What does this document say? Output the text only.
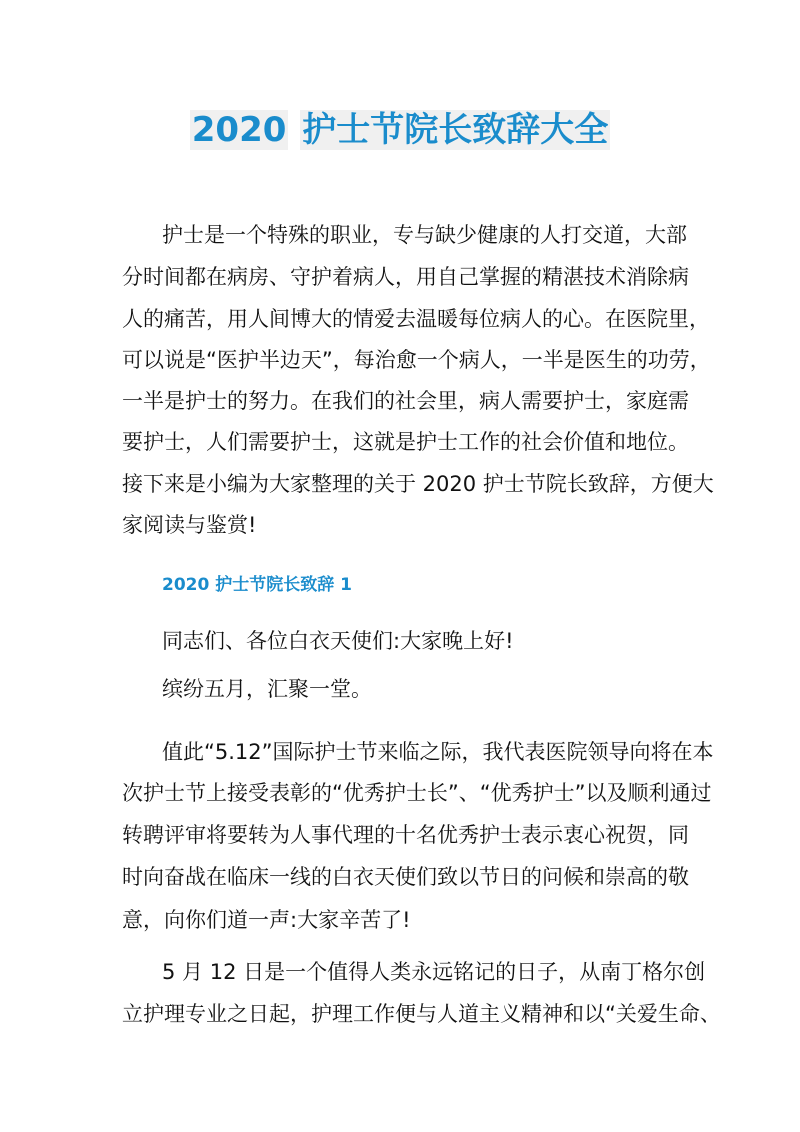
2020 护士节院长致辞大全
护士是一个特殊的职业，专与缺少健康的人打交道，大部
分时间都在病房、守护着病人，用自己掌握的精湛技术消除病
人的痛苦，用人间博大的情爱去温暖每位病人的心。在医院里，
可以说是“医护半边天”，每治愈一个病人，一半是医生的功劳，
一半是护士的努力。在我们的社会里，病人需要护士，家庭需
要护士，人们需要护士，这就是护士工作的社会价值和地位。
接下来是小编为大家整理的关于 2020 护士节院长致辞，方便大
家阅读与鉴赏!
2020 护士节院长致辞 1
同志们、各位白衣天使们:大家晚上好!
缤纷五月，汇聚一堂。
值此“5.12”国际护士节来临之际，我代表医院领导向将在本
次护士节上接受表彰的“优秀护士长”、“优秀护士”以及顺利通过
转聘评审将要转为人事代理的十名优秀护士表示衷心祝贺，同
时向奋战在临床一线的白衣天使们致以节日的问候和崇高的敬
意，向你们道一声:大家辛苦了!
5 月 12 日是一个值得人类永远铭记的日子，从南丁格尔创
立护理专业之日起，护理工作便与人道主义精神和以“关爱生命、
